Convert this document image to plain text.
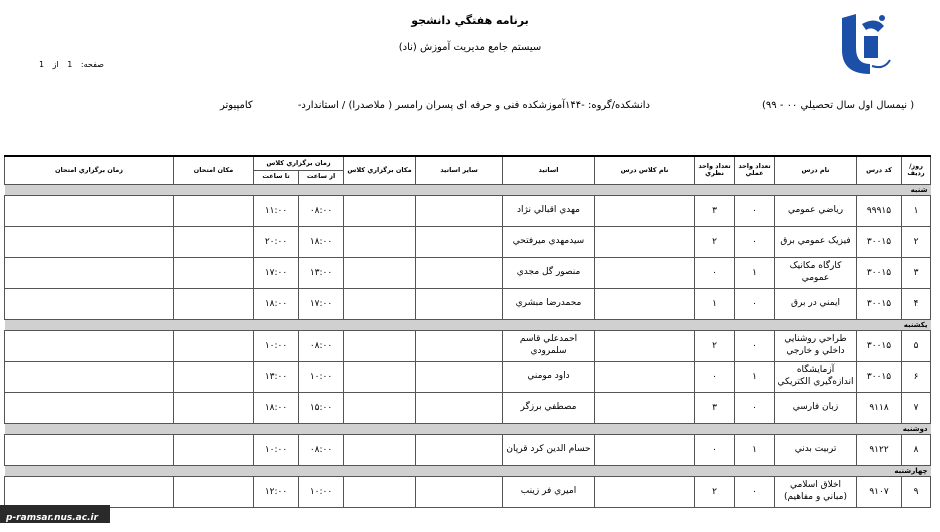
برنامه هفتگي دانشجو
سيستم جامع مديريت آموزش (ناد)
صفحه: 1 از 1
( نيمسال اول سال تحصيلي ۰۰ - ۹۹)
دانشكده/گروه: -۱۴۴آموزشکده فنی و حرفه ای پسران رامسر ( ملاصدرا) / استاندارد-
کامپيوتر
روز/رديف	كد درس	نام درس	تعداد واحد عملي	تعداد واحد نظري	نام كلاس درس	اساتيد	ساير اساتيد	مكان برگزاري كلاس	زمان برگزاري كلاس		مكان امتحان	زمان برگزاري امتحان
									از ساعت	تا ساعت		
شنبه												
۱	۹۹۹۱۵	رياضي عمومي	۰	۳		مهدي اقبالي نژاد			۰۸:۰۰	۱۱:۰۰		
۲	۳۰۰۱۵	فيزيک عمومي برق	۰	۲		سيدمهدي ميرفتحي			۱۸:۰۰	۲۰:۰۰		
۳	۳۰۰۱۵	کارگاه مکانيک عمومي	۱	۰		منصور گل مجدي			۱۳:۰۰	۱۷:۰۰		
۴	۳۰۰۱۵	ايمني در برق	۰	۱		محمدرضا مبشري			۱۷:۰۰	۱۸:۰۰		
يکشنبه												
۵	۳۰۰۱۵	طراحي روشنايي داخلي و خارجي	۰	۲		احمدعلي قاسم سلمرودي			۰۸:۰۰	۱۰:۰۰		
۶	۳۰۰۱۵	آزمايشگاه اندازه‌گيري الكتريكي	۱	۰		داود مومني			۱۰:۰۰	۱۳:۰۰		
۷	۹۱۱۸	زبان فارسي	۰	۳		مصطفي برزگر			۱۵:۰۰	۱۸:۰۰		
دوشنبه												
۸	۹۱۲۲	تربيت بدني	۱	۰		حسام الدين کرد قرپان			۰۸:۰۰	۱۰:۰۰		
چهارشنبه												
۹	۹۱۰۷	اخلاق اسلامي (مباني و مفاهيم)	۰	۲		اميري فر زينب			۱۰:۰۰	۱۲:۰۰		
p-ramsar.nus.ac.ir
